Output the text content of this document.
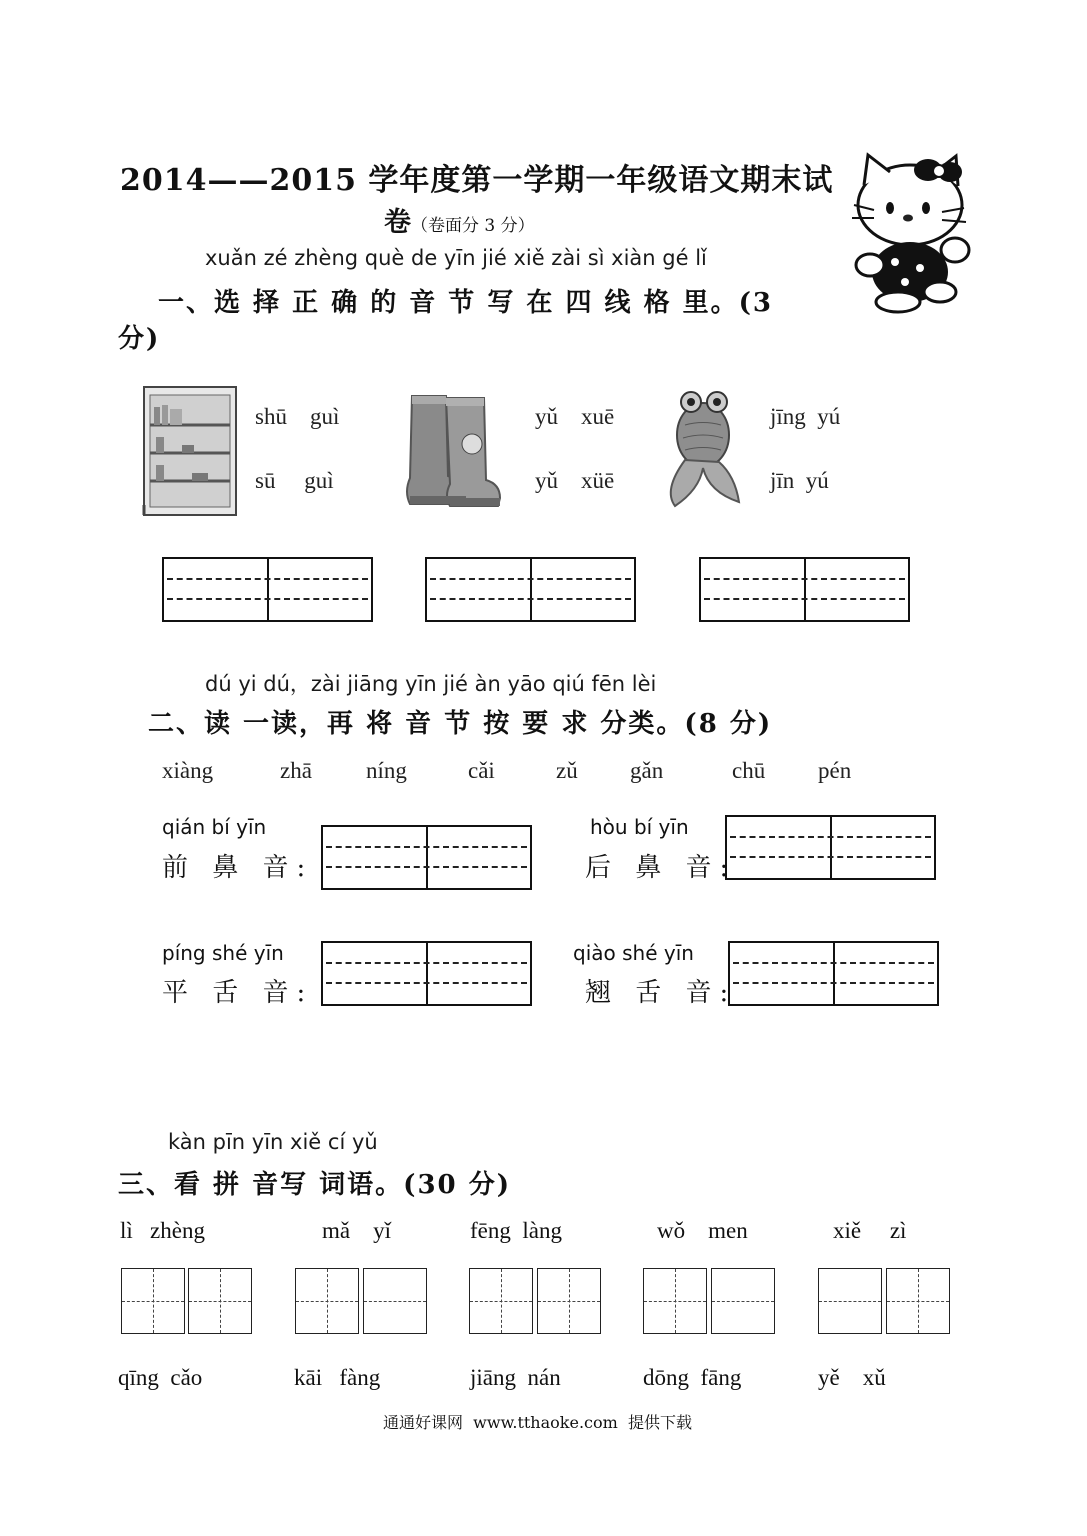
2014——2015 学年度第一学期一年级语文期末试
卷（卷面分 3 分）
xuǎn zé zhèng què de yīn jié xiě zài sì xiàn gé lǐ
一、选 择 正 确 的 音 节 写 在 四 线 格 里。(3
分)
shū    guì
sū     guì
yǔ    xuē
yǔ    xüē
jīng  yú
jīn  yú
dú yi dú，zài jiāng yīn jié àn yāo qiú fēn lèi
二、读 一读，再 将 音 节 按 要 求 分类。(8 分)
xiàng	zhā níng	cǎi	zǔ gǎn	chū pén
qián bí yīn
前 鼻 音:
hòu bí yīn
后 鼻 音:
píng shé yīn
平 舌 音:
qiào shé yīn
翘 舌 音:
kàn pīn yīn xiě cí yǔ
三、看 拼 音写 词语。(30 分)
lì   zhèng	mǎ    yǐ	fēng  làng	wǒ    men	xiě     zì
qīng  cǎo	kāi   fàng	jiāng  nán	dōng  fāng	yě    xǔ
通通好课网  www.tthaoke.com  提供下载
